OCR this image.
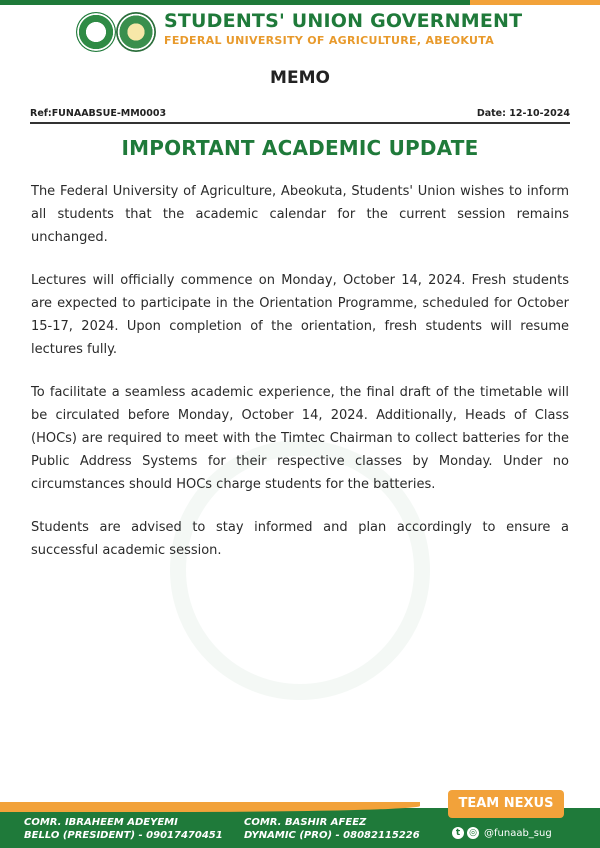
STUDENTS' UNION GOVERNMENT
FEDERAL UNIVERSITY OF AGRICULTURE, ABEOKUTA
MEMO
Ref:FUNAABSUE-MM0003	Date: 12-10-2024
IMPORTANT ACADEMIC UPDATE

The Federal University of Agriculture, Abeokuta, Students' Union wishes to inform all students that the academic calendar for the current session remains unchanged.

Lectures will officially commence on Monday, October 14, 2024. Fresh students are expected to participate in the Orientation Programme, scheduled for October 15-17, 2024. Upon completion of the orientation, fresh students will resume lectures fully.

To facilitate a seamless academic experience, the final draft of the timetable will be circulated before Monday, October 14, 2024. Additionally, Heads of Class (HOCs) are required to meet with the Timtec Chairman to collect batteries for the Public Address Systems for their respective classes by Monday. Under no circumstances should HOCs charge students for the batteries.

Students are advised to stay informed and plan accordingly to ensure a successful academic session.

TEAM NEXUS
COMR. IBRAHEEM ADEYEMI
BELLO (PRESIDENT) - 09017470451
COMR. BASHIR AFEEZ
DYNAMIC (PRO) - 08082115226	t ◎ @funaab_sug
